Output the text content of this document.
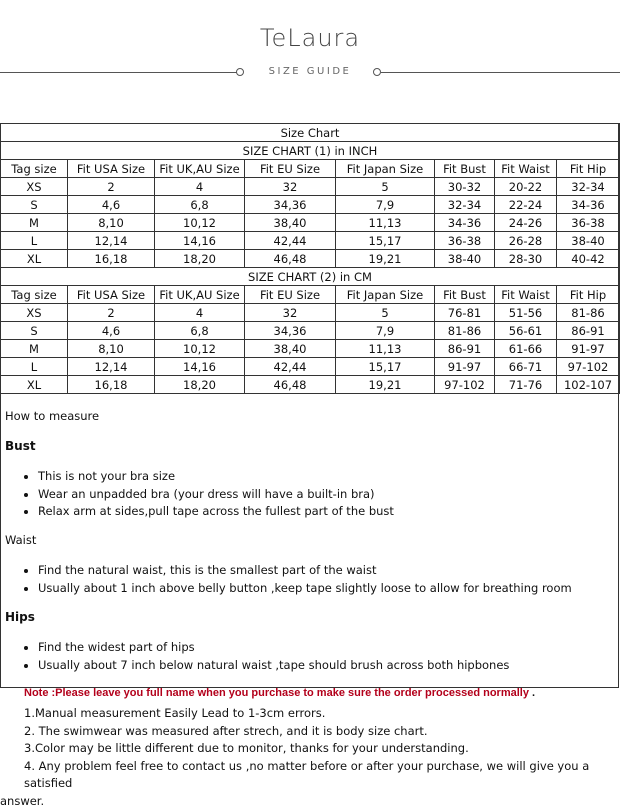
TeLaura
SIZE GUIDE
Size Chart							
SIZE CHART (1) in INCH							
Tag size	Fit USA Size	Fit UK,AU Size	Fit EU Size	Fit Japan Size	Fit Bust	Fit Waist	Fit Hip
XS	2	4	32	5	30-32	20-22	32-34
S	4,6	6,8	34,36	7,9	32-34	22-24	34-36
M	8,10	10,12	38,40	11,13	34-36	24-26	36-38
L	12,14	14,16	42,44	15,17	36-38	26-28	38-40
XL	16,18	18,20	46,48	19,21	38-40	28-30	40-42
SIZE CHART (2) in CM							
Tag size	Fit USA Size	Fit UK,AU Size	Fit EU Size	Fit Japan Size	Fit Bust	Fit Waist	Fit Hip
XS	2	4	32	5	76-81	51-56	81-86
S	4,6	6,8	34,36	7,9	81-86	56-61	86-91
M	8,10	10,12	38,40	11,13	86-91	61-66	91-97
L	12,14	14,16	42,44	15,17	91-97	66-71	97-102
XL	16,18	18,20	46,48	19,21	97-102	71-76	102-107
How to measure
Bust
• This is not your bra size
• Wear an unpadded bra (your dress will have a built-in bra)
• Relax arm at sides,pull tape across the fullest part of the bust
Waist
• Find the natural waist, this is the smallest part of the waist
• Usually about 1 inch above belly button ,keep tape slightly loose to allow for breathing room
Hips
• Find the widest part of hips
• Usually about 7 inch below natural waist ,tape should brush across both hipbones
Note :Please leave you full name when you purchase to make sure the order processed normally .
1.Manual measurement Easily Lead to 1-3cm errors.
2. The swimwear was measured after strech, and it is body size chart.
3.Color may be little different due to monitor, thanks for your understanding.
4. Any problem feel free to contact us ,no matter before or after your purchase, we will give you a satisfied
answer.
